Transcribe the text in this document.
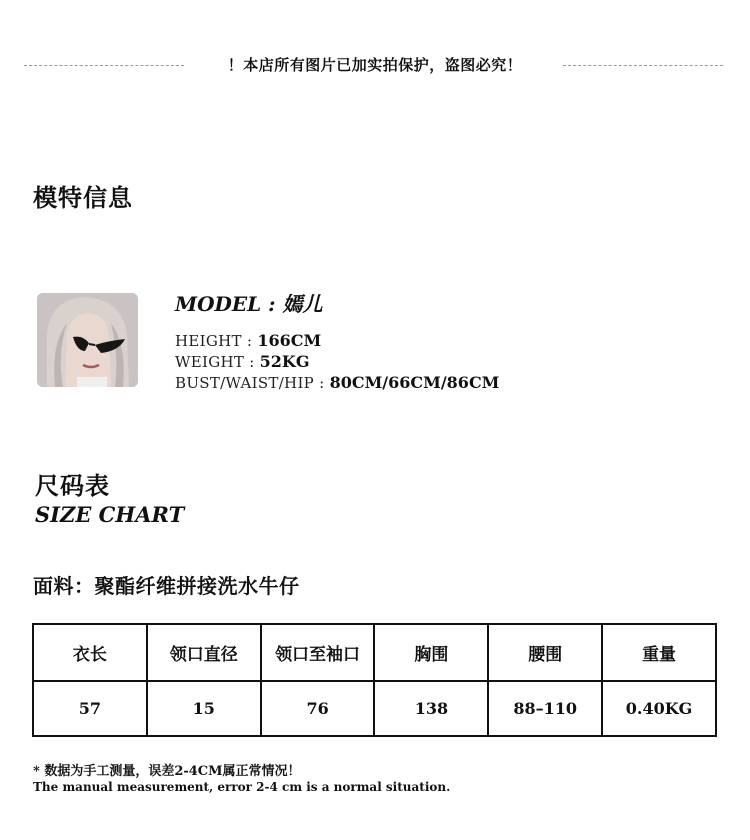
！本店所有图片已加实拍保护，盗图必究！
模特信息
MODEL : 嫣儿
HEIGHT : 166CM
WEIGHT : 52KG
BUST/WAIST/HIP : 80CM/66CM/86CM
尺码表
SIZE CHART
面料：聚酯纤维拼接洗水牛仔
衣长	领口直径	领口至袖口	胸围	腰围	重量
57	15	76	138	88–110	0.40KG
* 数据为手工测量，误差2-4CM属正常情况！
The manual measurement, error 2-4 cm is a normal situation.
